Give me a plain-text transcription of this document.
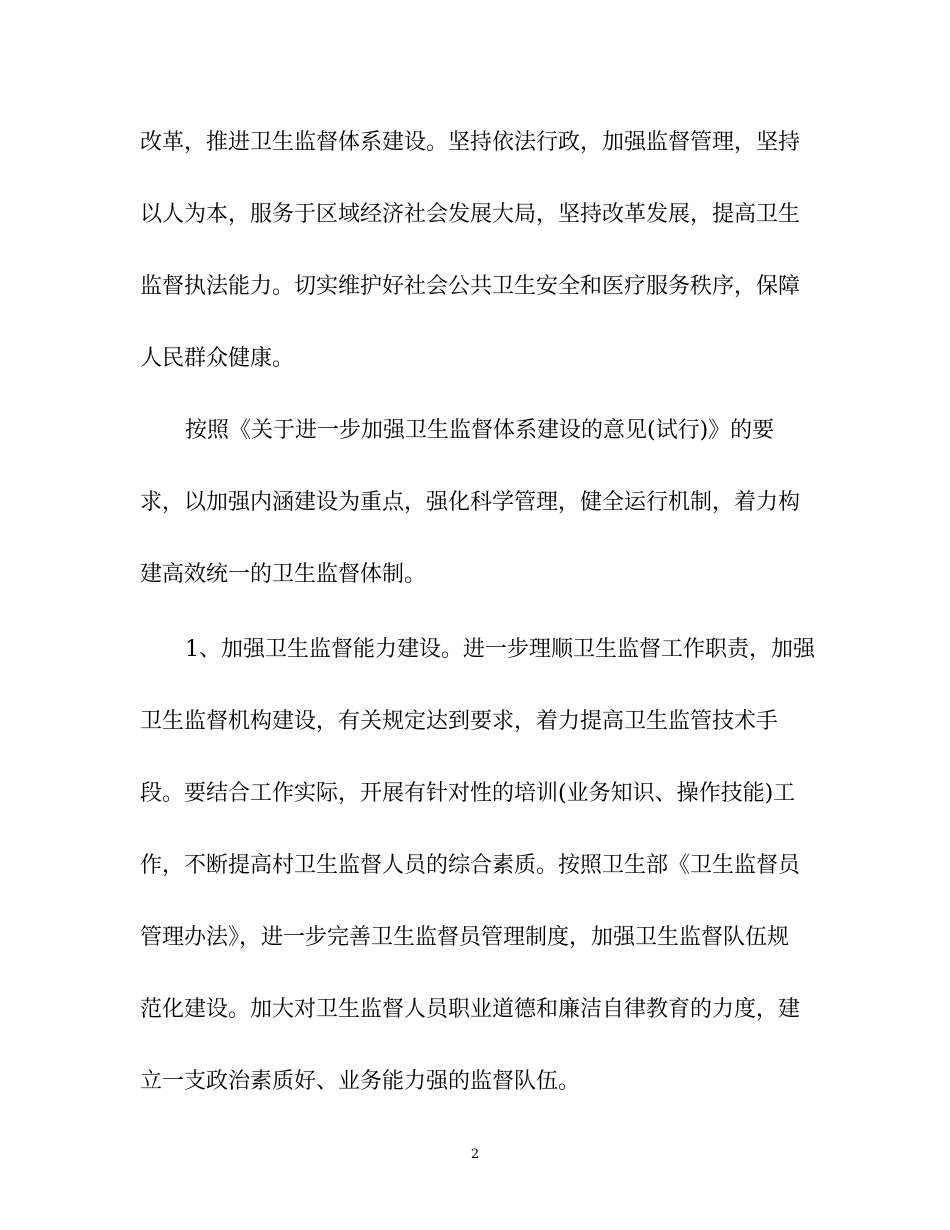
改革，推进卫生监督体系建设。坚持依法行政，加强监督管理，坚持
以人为本，服务于区域经济社会发展大局，坚持改革发展，提高卫生
监督执法能力。切实维护好社会公共卫生安全和医疗服务秩序，保障
人民群众健康。
按照《关于进一步加强卫生监督体系建设的意见(试行)》的要
求，以加强内涵建设为重点，强化科学管理，健全运行机制，着力构
建高效统一的卫生监督体制。
1、加强卫生监督能力建设。进一步理顺卫生监督工作职责，加强
卫生监督机构建设，有关规定达到要求，着力提高卫生监管技术手
段。要结合工作实际，开展有针对性的培训(业务知识、操作技能)工
作，不断提高村卫生监督人员的综合素质。按照卫生部《卫生监督员
管理办法》，进一步完善卫生监督员管理制度，加强卫生监督队伍规
范化建设。加大对卫生监督人员职业道德和廉洁自律教育的力度，建
立一支政治素质好、业务能力强的监督队伍。
2
